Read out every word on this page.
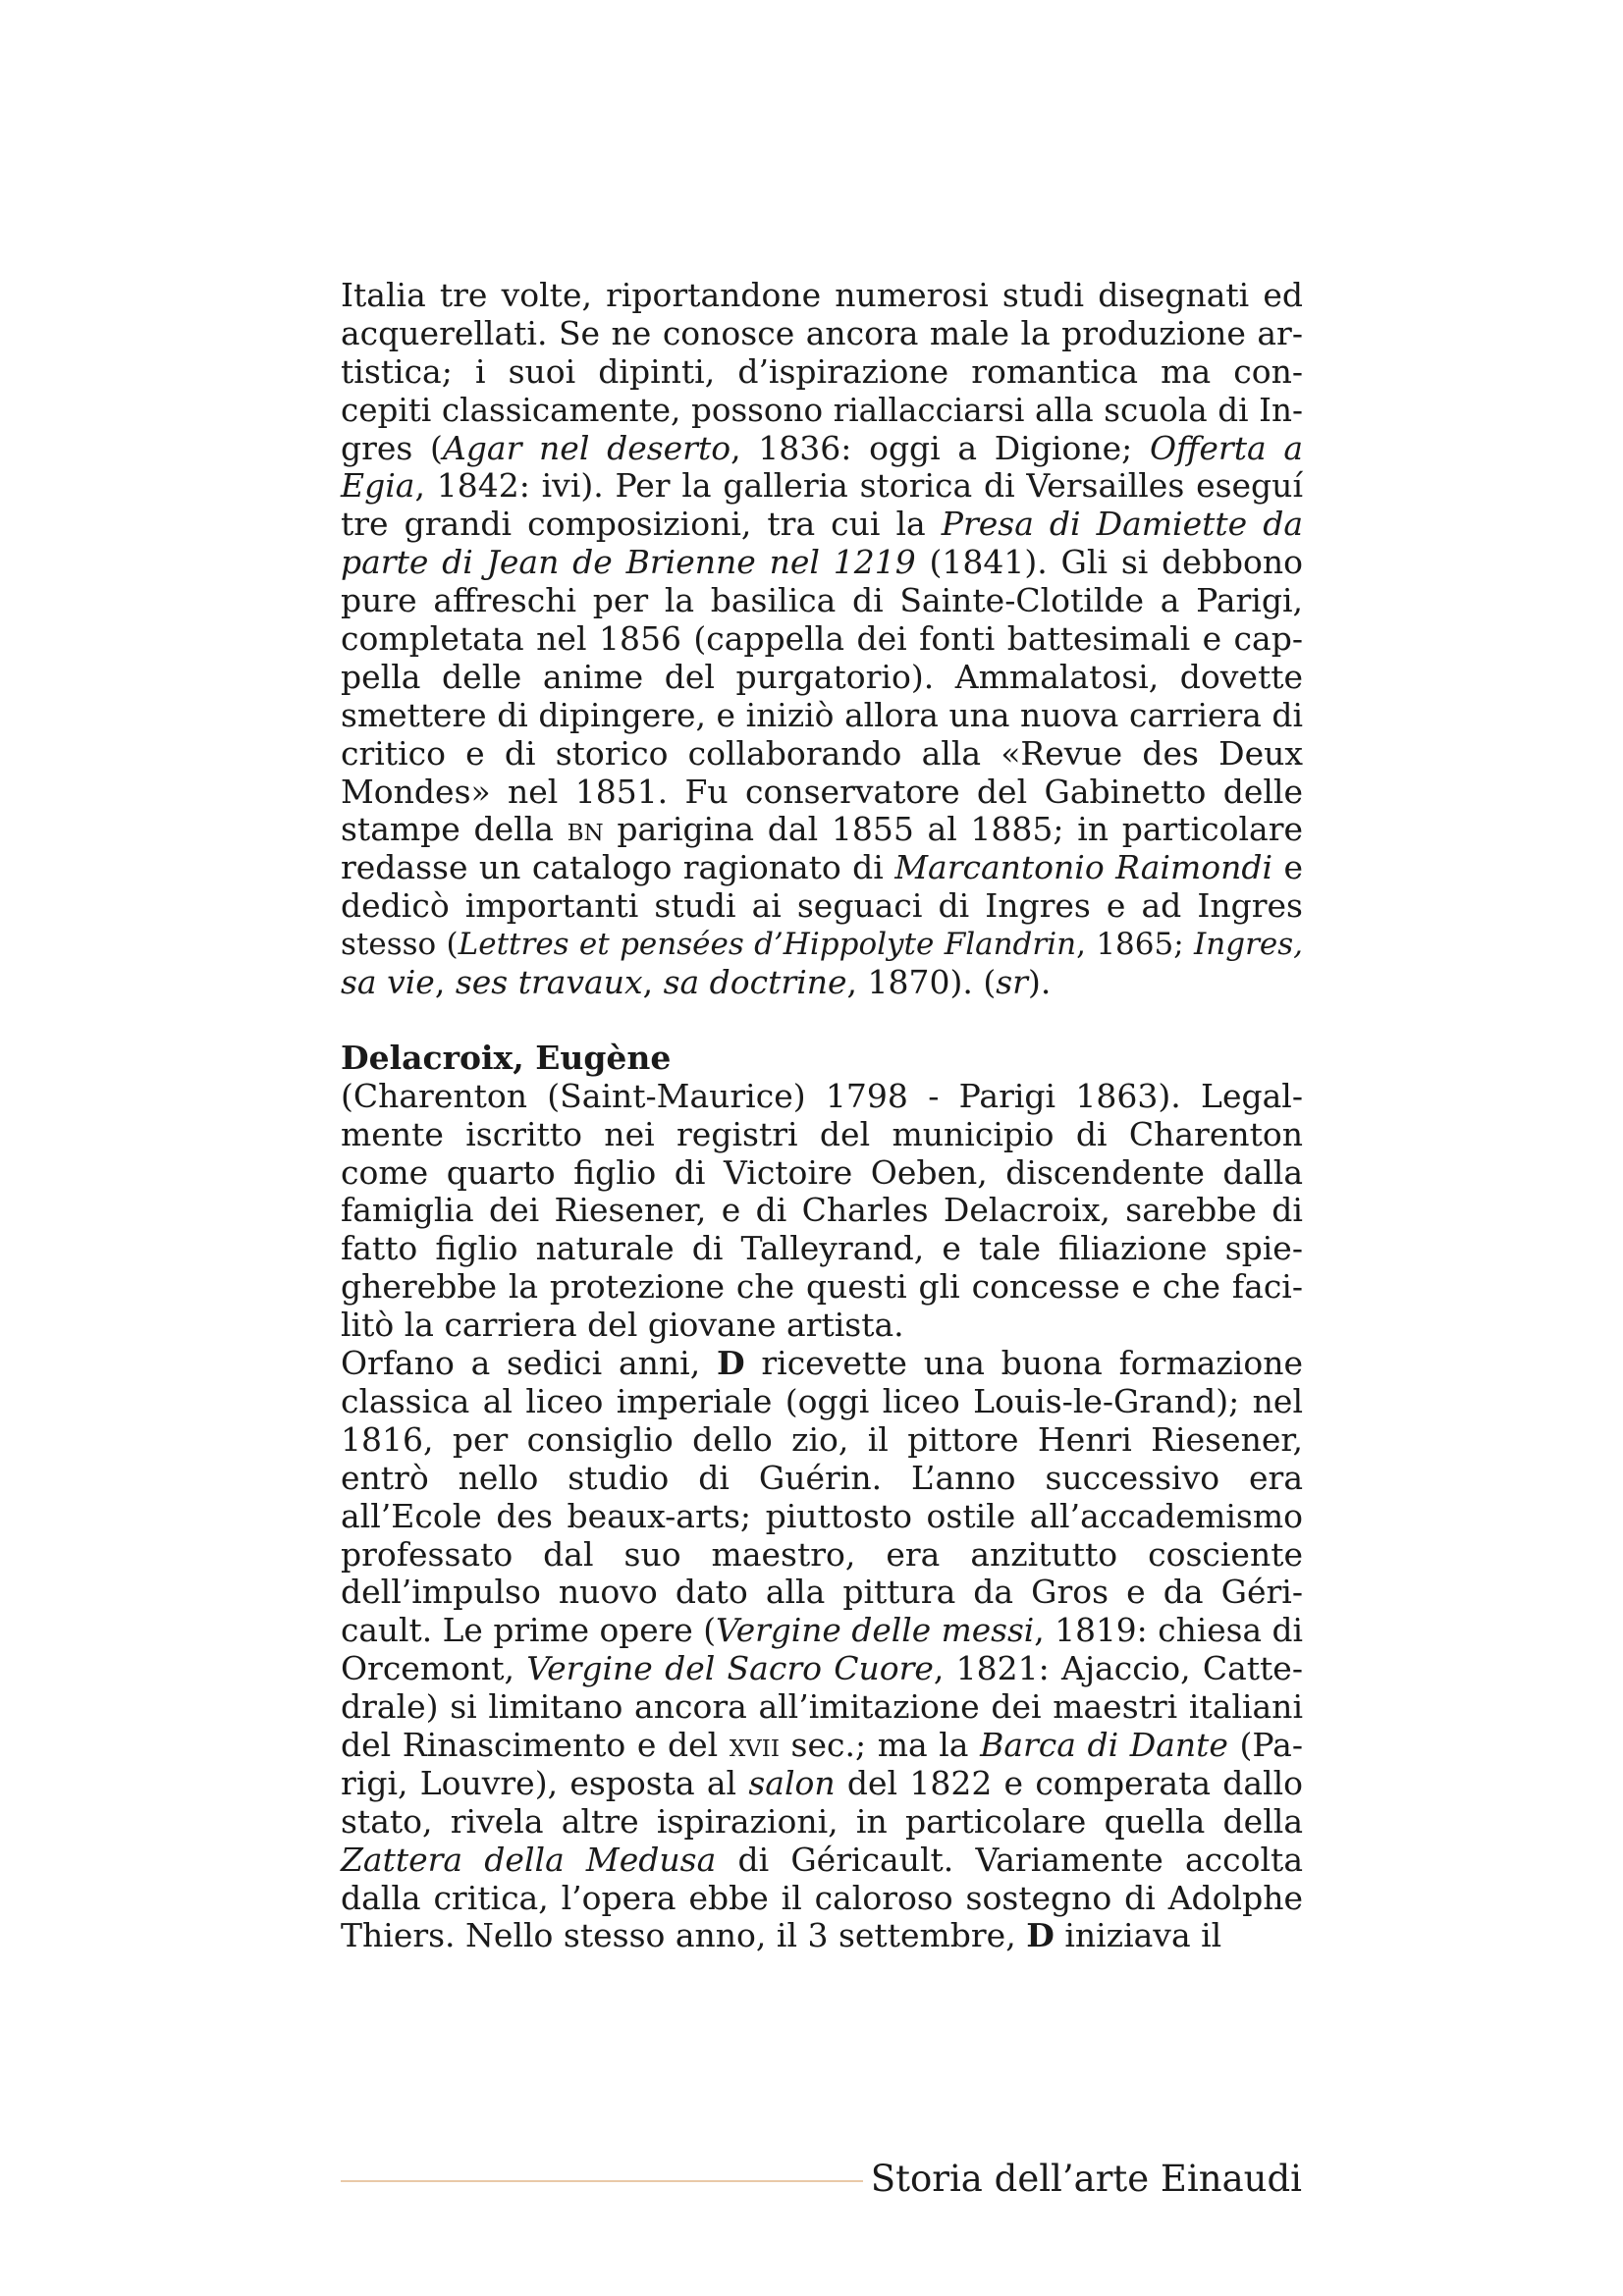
Italia tre volte, riportandone numerosi studi disegnati ed
acquerellati. Se ne conosce ancora male la produzione ar-
tistica; i suoi dipinti, d’ispirazione romantica ma con-
cepiti classicamente, possono riallacciarsi alla scuola di In-
gres (Agar nel deserto, 1836: oggi a Digione; Offerta a
Egia, 1842: ivi). Per la galleria storica di Versailles eseguí
tre grandi composizioni, tra cui la Presa di Damiette da
parte di Jean de Brienne nel 1219 (1841). Gli si debbono
pure affreschi per la basilica di Sainte-Clotilde a Parigi,
completata nel 1856 (cappella dei fonti battesimali e cap-
pella delle anime del purgatorio). Ammalatosi, dovette
smettere di dipingere, e iniziò allora una nuova carriera di
critico e di storico collaborando alla «Revue des Deux
Mondes» nel 1851. Fu conservatore del Gabinetto delle
stampe della bn parigina dal 1855 al 1885; in particolare
redasse un catalogo ragionato di Marcantonio Raimondi e
dedicò importanti studi ai seguaci di Ingres e ad Ingres
stesso (Lettres et pensées d’Hippolyte Flandrin, 1865; Ingres,
sa vie, ses travaux, sa doctrine, 1870). (sr).
Delacroix, Eugène
(Charenton (Saint-Maurice) 1798 - Parigi 1863). Legal-
mente iscritto nei registri del municipio di Charenton
come quarto figlio di Victoire Oeben, discendente dalla
famiglia dei Riesener, e di Charles Delacroix, sarebbe di
fatto figlio naturale di Talleyrand, e tale filiazione spie-
gherebbe la protezione che questi gli concesse e che faci-
litò la carriera del giovane artista.
Orfano a sedici anni, D ricevette una buona formazione
classica al liceo imperiale (oggi liceo Louis-le-Grand); nel
1816, per consiglio dello zio, il pittore Henri Riesener,
entrò nello studio di Guérin. L’anno successivo era
all’Ecole des beaux-arts; piuttosto ostile all’accademismo
professato dal suo maestro, era anzitutto cosciente
dell’impulso nuovo dato alla pittura da Gros e da Géri-
cault. Le prime opere (Vergine delle messi, 1819: chiesa di
Orcemont, Vergine del Sacro Cuore, 1821: Ajaccio, Catte-
drale) si limitano ancora all’imitazione dei maestri italiani
del Rinascimento e del xvii sec.; ma la Barca di Dante (Pa-
rigi, Louvre), esposta al salon del 1822 e comperata dallo
stato, rivela altre ispirazioni, in particolare quella della
Zattera della Medusa di Géricault. Variamente accolta
dalla critica, l’opera ebbe il caloroso sostegno di Adolphe
Thiers. Nello stesso anno, il 3 settembre, D iniziava il
Storia dell’arte Einaudi
